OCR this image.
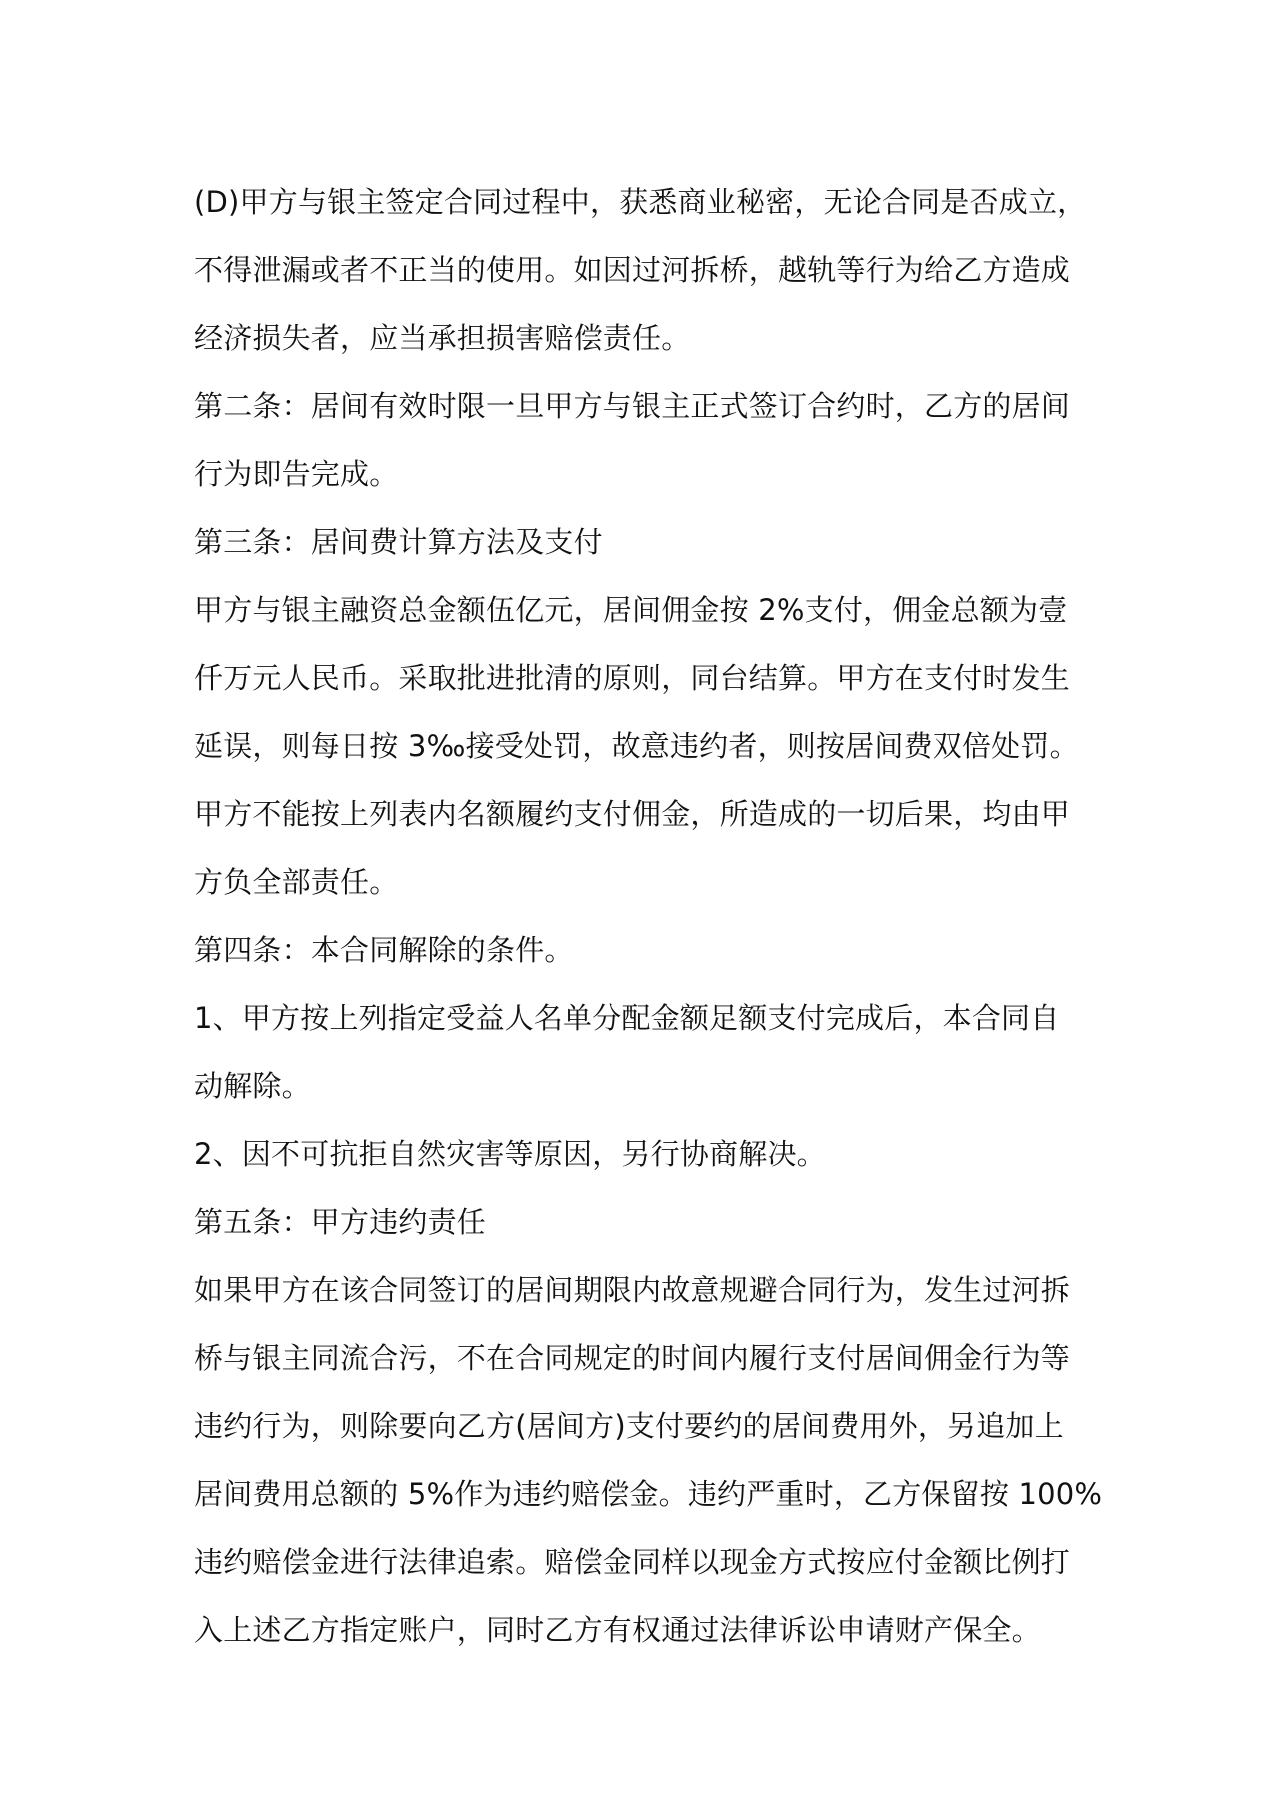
(D)甲方与银主签定合同过程中，获悉商业秘密，无论合同是否成立，
不得泄漏或者不正当的使用。如因过河拆桥，越轨等行为给乙方造成
经济损失者，应当承担损害赔偿责任。
第二条：居间有效时限一旦甲方与银主正式签订合约时，乙方的居间
行为即告完成。
第三条：居间费计算方法及支付
甲方与银主融资总金额伍亿元，居间佣金按 2%支付，佣金总额为壹
仟万元人民币。采取批进批清的原则，同台结算。甲方在支付时发生
延误，则每日按 3‰接受处罚，故意违约者，则按居间费双倍处罚。
甲方不能按上列表内名额履约支付佣金，所造成的一切后果，均由甲
方负全部责任。
第四条：本合同解除的条件。
1、甲方按上列指定受益人名单分配金额足额支付完成后，本合同自
动解除。
2、因不可抗拒自然灾害等原因，另行协商解决。
第五条：甲方违约责任
如果甲方在该合同签订的居间期限内故意规避合同行为，发生过河拆
桥与银主同流合污，不在合同规定的时间内履行支付居间佣金行为等
违约行为，则除要向乙方(居间方)支付要约的居间费用外，另追加上
居间费用总额的 5%作为违约赔偿金。违约严重时，乙方保留按 100%
违约赔偿金进行法律追索。赔偿金同样以现金方式按应付金额比例打
入上述乙方指定账户，同时乙方有权通过法律诉讼申请财产保全。
